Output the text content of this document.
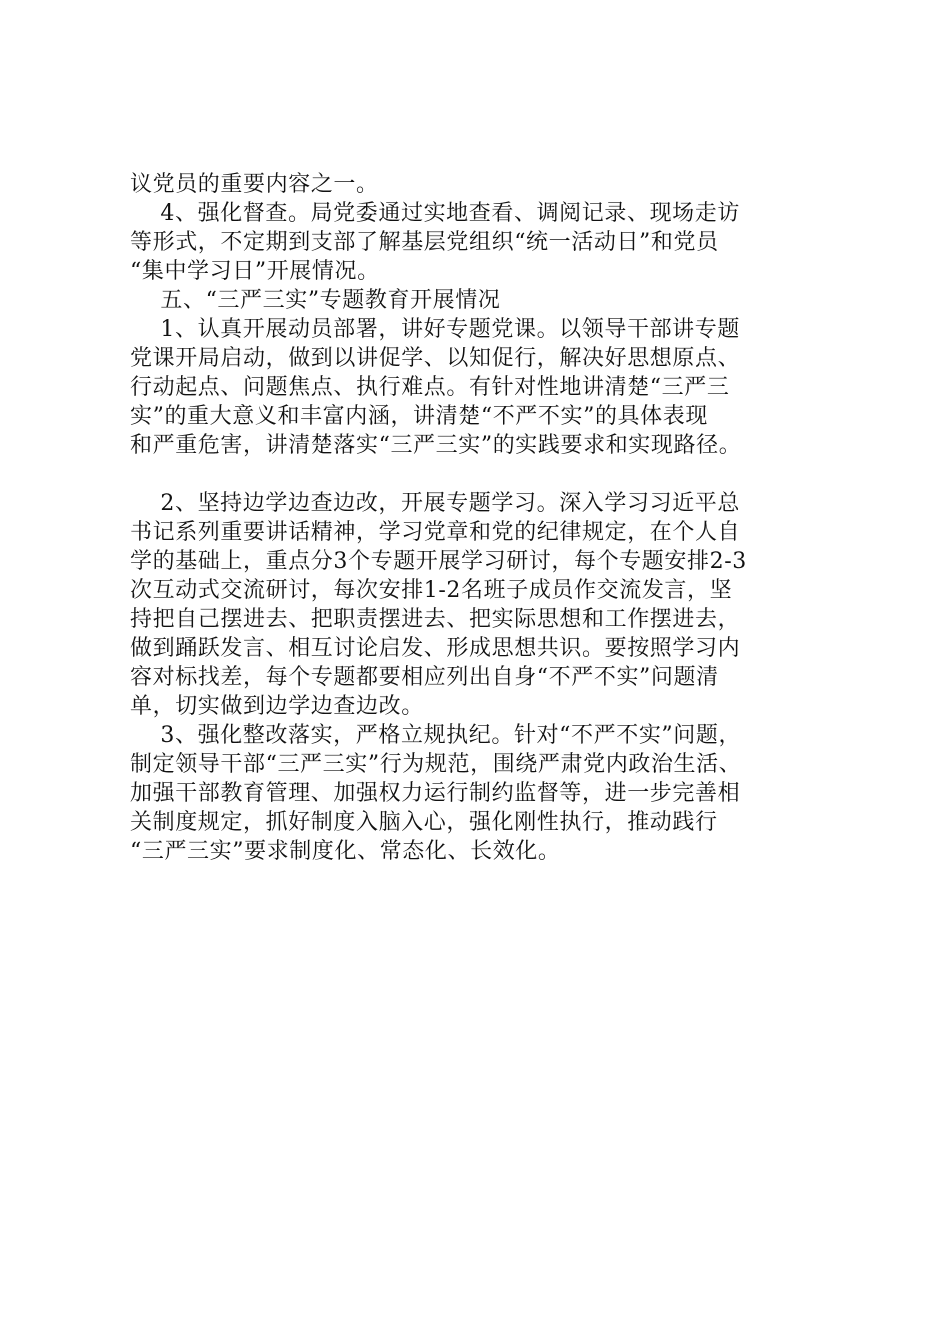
议党员的重要内容之一。
4、强化督查。局党委通过实地查看、调阅记录、现场走访
等形式，不定期到支部了解基层党组织“统一活动日”和党员
“集中学习日”开展情况。
五、“三严三实”专题教育开展情况
1、认真开展动员部署，讲好专题党课。以领导干部讲专题
党课开局启动，做到以讲促学、以知促行，解决好思想原点、
行动起点、问题焦点、执行难点。有针对性地讲清楚“三严三
实”的重大意义和丰富内涵，讲清楚“不严不实”的具体表现
和严重危害，讲清楚落实“三严三实”的实践要求和实现路径。
2、坚持边学边查边改，开展专题学习。深入学习习近平总
书记系列重要讲话精神，学习党章和党的纪律规定，在个人自
学的基础上，重点分3个专题开展学习研讨，每个专题安排2-3
次互动式交流研讨，每次安排1-2名班子成员作交流发言，坚
持把自己摆进去、把职责摆进去、把实际思想和工作摆进去，
做到踊跃发言、相互讨论启发、形成思想共识。要按照学习内
容对标找差，每个专题都要相应列出自身“不严不实”问题清
单，切实做到边学边查边改。
3、强化整改落实，严格立规执纪。针对“不严不实”问题，
制定领导干部“三严三实”行为规范，围绕严肃党内政治生活、
加强干部教育管理、加强权力运行制约监督等，进一步完善相
关制度规定，抓好制度入脑入心，强化刚性执行，推动践行
“三严三实”要求制度化、常态化、长效化。
